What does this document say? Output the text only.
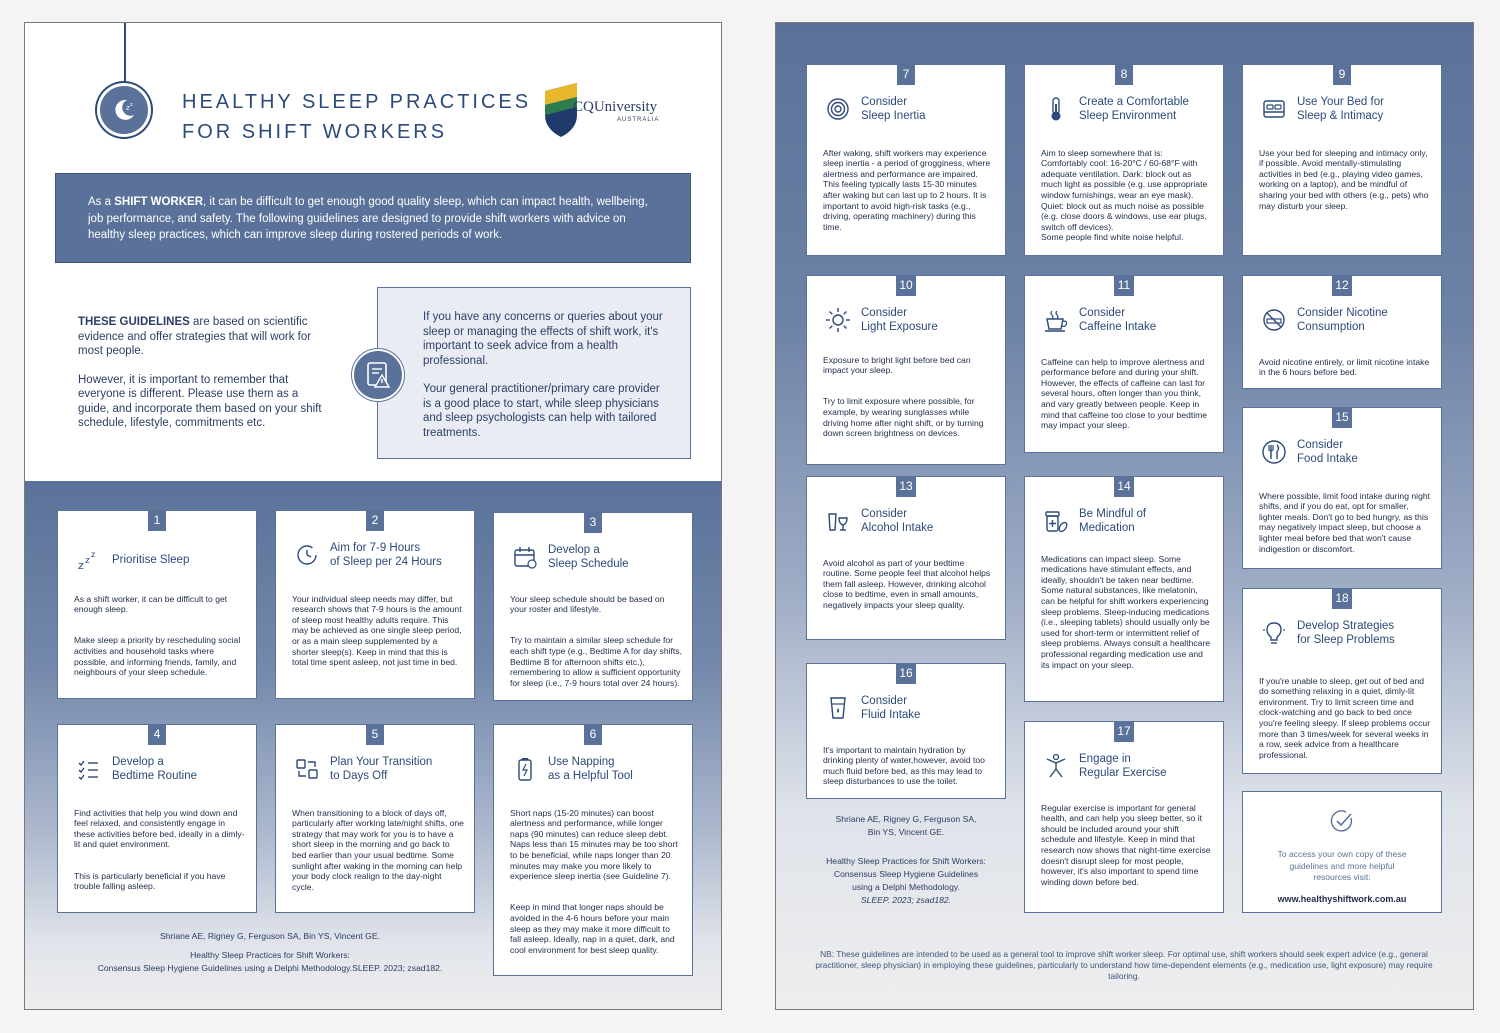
z z HEALTHY SLEEP PRACTICES
FOR SHIFT WORKERS
CQUniversity
AUSTRALIA
As a SHIFT WORKER, it can be difficult to get enough good quality sleep, which can impact health, wellbeing, job performance, and safety. The following guidelines are designed to provide shift workers with advice on healthy sleep practices, which can improve sleep during rostered periods of work.

THESE GUIDELINES are based on scientific evidence and offer strategies that will work for most people.

However, it is important to remember that everyone is different. Please use them as a guide, and incorporate them based on your shift schedule, lifestyle, commitments etc.

If you have any concerns or queries about your sleep or managing the effects of shift work, it's important to seek advice from a health professional.

Your general practitioner/primary care provider is a good place to start, while sleep physicians and sleep psychologists can help with tailored treatments.

1
z z
z Prioritise Sleep

As a shift worker, it can be difficult to get enough sleep.

Make sleep a priority by rescheduling social activities and household tasks where possible, and informing friends, family, and neighbours of your sleep schedule.

2
Aim for 7-9 Hours
of Sleep per 24 Hours

Your individual sleep needs may differ, but research shows that 7-9 hours is the amount of sleep most healthy adults require. This may be achieved as one single sleep period, or as a main sleep supplemented by a shorter sleep(s). Keep in mind that this is total time spent asleep, not just time in bed.

3
Develop a
Sleep Schedule

Your sleep schedule should be based on your roster and lifestyle.

Try to maintain a similar sleep schedule for each shift type (e.g., Bedtime A for day shifts, Bedtime B for afternoon shifts etc.), remembering to allow a sufficient opportunity for sleep (i.e., 7-9 hours total over 24 hours).

4
Develop a
Bedtime Routine

Find activities that help you wind down and feel relaxed, and consistently engage in these activities before bed, ideally in a dimly-lit and quiet environment.

This is particularly beneficial if you have trouble falling asleep.

5
Plan Your Transition
to Days Off

When transitioning to a block of days off, particularly after working late/night shifts, one strategy that may work for you is to have a short sleep in the morning and go back to bed earlier than your usual bedtime. Some sunlight after waking in the morning can help your body clock realign to the day-night cycle.

6
Use Napping
as a Helpful Tool

Short naps (15-20 minutes) can boost alertness and performance, while longer naps (90 minutes) can reduce sleep debt. Naps less than 15 minutes may be too short to be beneficial, while naps longer than 20 minutes may make you more likely to experience sleep inertia (see Guideline 7).

Keep in mind that longer naps should be avoided in the 4-6 hours before your main sleep as they may make it more difficult to fall asleep. Ideally, nap in a quiet, dark, and cool environment for best sleep quality.

Shriane AE, Rigney G, Ferguson SA, Bin YS, Vincent GE.
Healthy Sleep Practices for Shift Workers:
Consensus Sleep Hygiene Guidelines using a Delphi Methodology.SLEEP. 2023; zsad182.
7
Consider
Sleep Inertia

After waking, shift workers may experience sleep inertia - a period of grogginess, where alertness and performance are impaired. This feeling typically lasts 15-30 minutes after waking but can last up to 2 hours. It is important to avoid high-risk tasks (e.g., driving, operating machinery) during this time.

8
Create a Comfortable
Sleep Environment

Aim to sleep somewhere that is:
Comfortably cool: 16-20°C / 60-68°F with adequate ventilation. Dark: block out as much light as possible (e.g. use appropriate window furnishings, wear an eye mask).
Quiet: block out as much noise as possible (e.g. close doors & windows, use ear plugs, switch off devices).
Some people find white noise helpful.

9
Use Your Bed for
Sleep & Intimacy

Use your bed for sleeping and intimacy only, if possible. Avoid mentally-stimulating activities in bed (e.g., playing video games, working on a laptop), and be mindful of sharing your bed with others (e.g., pets) who may disturb your sleep.

10
Consider
Light Exposure

Exposure to bright light before bed can impact your sleep.

Try to limit exposure where possible, for example, by wearing sunglasses while driving home after night shift, or by turning down screen brightness on devices.

11
Consider
Caffeine Intake

Caffeine can help to improve alertness and performance before and during your shift. However, the effects of caffeine can last for several hours, often longer than you think, and vary greatly between people. Keep in mind that caffeine too close to your bedtime may impact your sleep.

12
Consider Nicotine
Consumption

Avoid nicotine entirely, or limit nicotine intake in the 6 hours before bed.

15
Consider
Food Intake

Where possible, limit food intake during night shifts, and if you do eat, opt for smaller, lighter meals. Don't go to bed hungry, as this may negatively impact sleep, but choose a lighter meal before bed that won't cause indigestion or discomfort.

13
Consider
Alcohol Intake

Avoid alcohol as part of your bedtime routine. Some people feel that alcohol helps them fall asleep. However, drinking alcohol close to bedtime, even in small amounts, negatively impacts your sleep quality.

14
Be Mindful of
Medication

Medications can impact sleep. Some medications have stimulant effects, and ideally, shouldn't be taken near bedtime. Some natural substances, like melatonin, can be helpful for shift workers experiencing sleep problems. Sleep-inducing medications (i.e., sleeping tablets) should usually only be used for short-term or intermittent relief of sleep problems. Always consult a healthcare professional regarding medication use and its impact on your sleep.

18
Develop Strategies
for Sleep Problems

If you're unable to sleep, get out of bed and do something relaxing in a quiet, dimly-lit environment. Try to limit screen time and clock-watching and go back to bed once you're feeling sleepy. If sleep problems occur more than 3 times/week for several weeks in a row, seek advice from a healthcare professional.

16
Consider
Fluid Intake

It's important to maintain hydration by drinking plenty of water,however, avoid too much fluid before bed, as this may lead to sleep disturbances to use the toilet.

17
Engage in
Regular Exercise

Regular exercise is important for general health, and can help you sleep better, so it should be included around your shift schedule and lifestyle. Keep in mind that research now shows that night-time exercise doesn't disrupt sleep for most people, however, it's also important to spend time winding down before bed.

To access your own copy of these guidelines and more helpful resources visit:
www.healthyshiftwork.com.au
Shriane AE, Rigney G, Ferguson SA,
Bin YS, Vincent GE.
Healthy Sleep Practices for Shift Workers:
Consensus Sleep Hygiene Guidelines
using a Delphi Methodology.
SLEEP. 2023; zsad182.
NB: These guidelines are intended to be used as a general tool to improve shift worker sleep. For optimal use, shift workers should seek expert advice (e.g., general practitioner, sleep physician) in employing these guidelines, particularly to understand how time-dependent elements (e.g., medication use, light exposure) may require tailoring.
